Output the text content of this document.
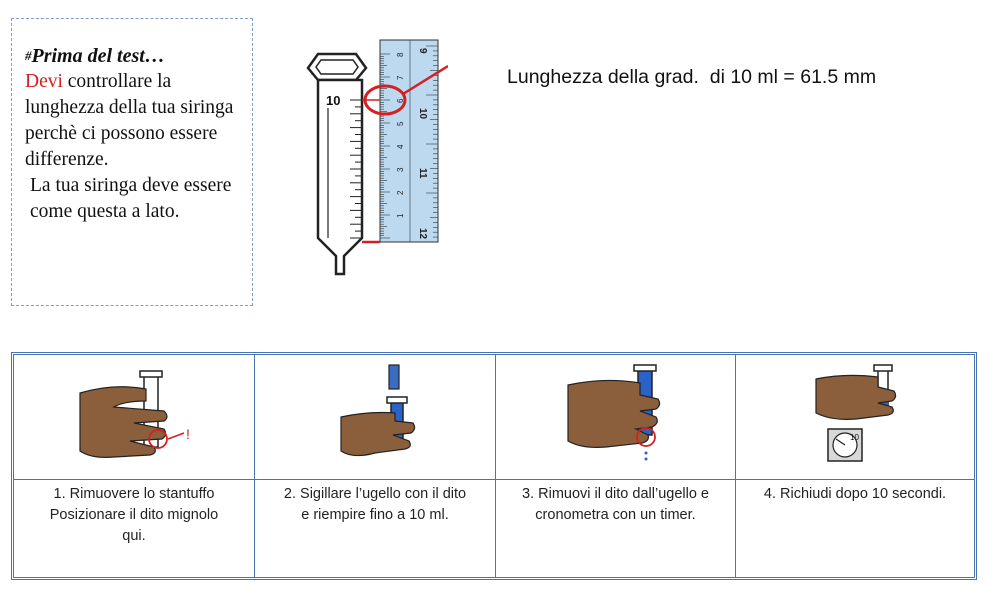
#Prima del test…
Devi controllare la lunghezza della tua siringa perchè ci possono essere differenze.
La tua siringa deve essere come questa a lato.	1
2
3
4
5
6
7
8
9
10
11
12
10
Lunghezza della grad.  di 10 ml = 61.5 mm
!	10
1. Rimuovere lo stantuffo
Posizionare il dito mignolo
qui.
2. Sigillare l’ugello con il dito
e riempire fino a 10 ml.
3. Rimuovi il dito dall’ugello e
cronometra con un timer.
4. Richiudi dopo 10 secondi.
